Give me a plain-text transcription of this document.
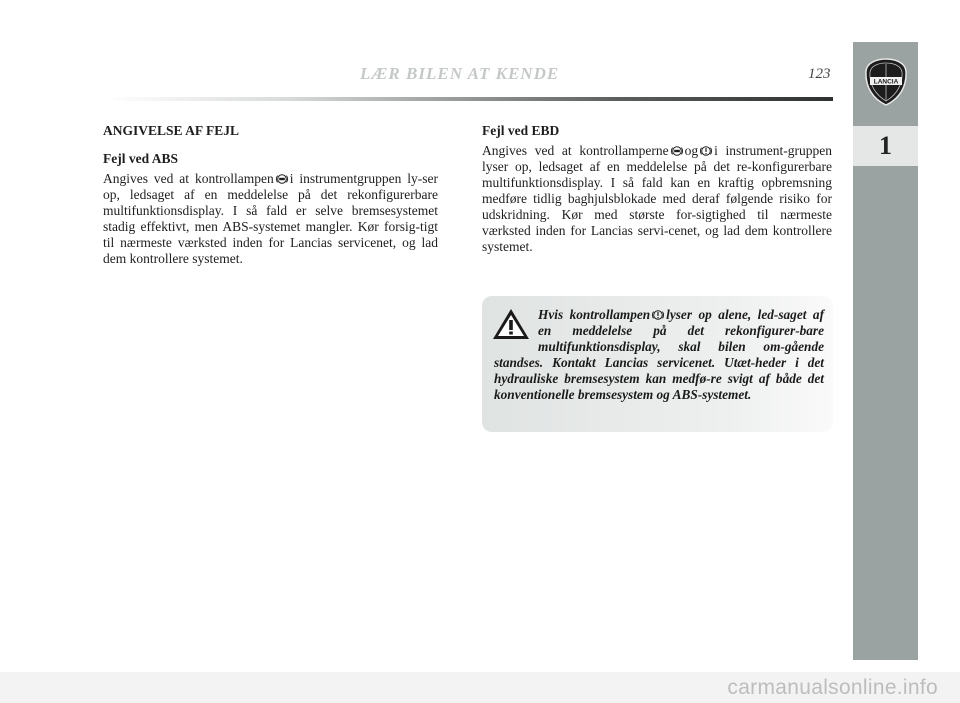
LANCIA
1
LÆR BILEN AT KENDE	123

ANGIVELSE AF FEJL

Fejl ved ABS

Angives ved at kontrollampen i instrumentgruppen ly-ser op, ledsaget af en meddelelse på det rekonfigurerbare multifunktionsdisplay. I så fald er selve bremsesystemet stadig effektivt, men ABS-systemet mangler. Kør forsig-tigt til nærmeste værksted inden for Lancias servicenet, og lad dem kontrollere systemet.

Fejl ved EBD

Angives ved at kontrollamperne og i instrument-gruppen lyser op, ledsaget af en meddelelse på det re-konfigurerbare multifunktionsdisplay. I så fald kan en kraftig opbremsning medføre tidlig baghjulsblokade med deraf følgende risiko for udskridning. Kør med største for-sigtighed til nærmeste værksted inden for Lancias servi-cenet, og lad dem kontrollere systemet.

Hvis kontrollampen lyser op alene, led-saget af en meddelelse på det rekonfigurer-bare multifunktionsdisplay, skal bilen om-gående standses. Kontakt Lancias servicenet. Utæt-heder i det hydrauliske bremsesystem kan medfø-re svigt af både det konventionelle bremsesystem og ABS-systemet.
carmanualsonline.info
